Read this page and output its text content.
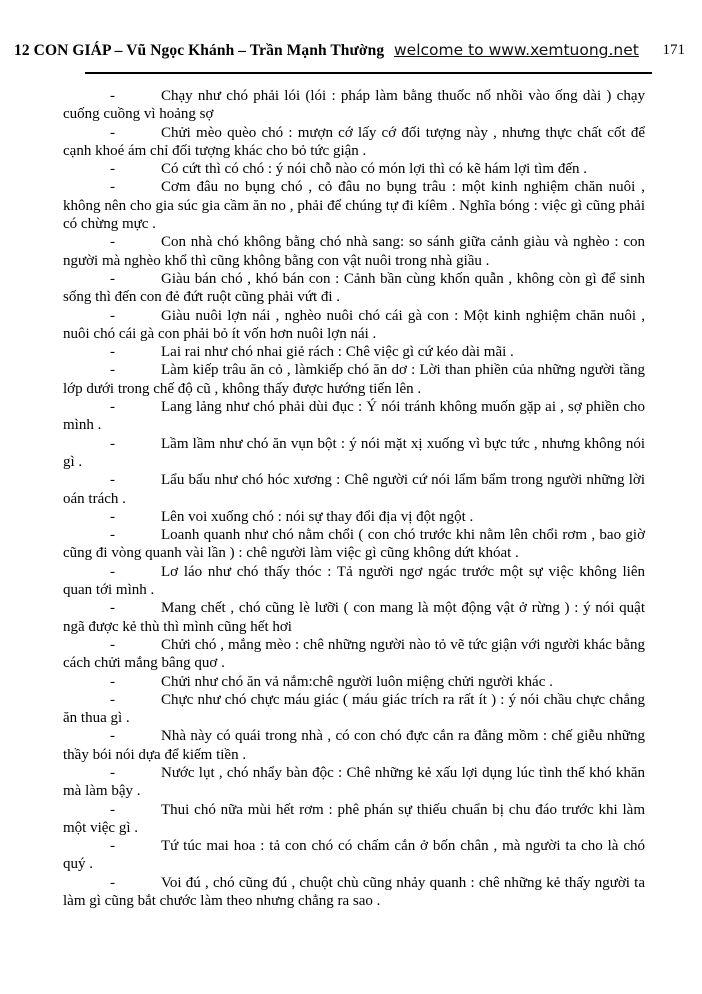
12 CON GIÁP – Vũ Ngọc Khánh – Trần Mạnh Thường welcome to www.xemtuong.net 171

-	Chạy như chó phải lói (lói : pháp làm bằng thuốc nổ nhồi vào ống dài ) chạy cuống cuồng vì hoảng sợ

-	Chửi mèo quèo chó : mượn cớ lấy cớ đối tượng này , nhưng thực chất cốt để cạnh khoé ám chỉ đối tượng khác cho bỏ tức giận .

-	Có cứt thì có chó : ý nói chỗ nào có món lợi thì có kẽ hám lợi tìm đến .

-	Cơm đâu no bụng chó , cỏ đâu no bụng trâu : một kinh nghiệm chăn nuôi , không nên cho gia súc gia cầm ăn no , phải để chúng tự đi kíêm . Nghĩa bóng : việc gì cũng phải có chừng mực .

-	Con nhà chó không bằng chó nhà sang: so sánh giữa cảnh giàu và nghèo : con người mà nghèo khổ thì cũng không bằng con vật nuôi trong nhà giầu .

-	Giàu bán chó , khó bán con : Cảnh bần cùng khốn quẫn , không còn gì để sinh sống thì đến con đẻ đứt ruột cũng phải vứt đi .

-	Giàu nuôi lợn nái , nghèo nuôi chó cái gà con : Một kinh nghiệm chăn nuôi , nuôi chó cái gà con phải bỏ ít vốn hơn nuôi lợn nái .

-	Lai rai như chó nhai giẻ rách : Chê việc gì cứ kéo dài mãi .

-	Làm kiếp trâu ăn cỏ , làmkiếp chó ăn dơ : Lời than phiền của những người tầng lớp dưới trong chế độ cũ , không thấy được hướng tiến lên .

-	Lang lảng như chó phải dùi đục : Ý nói tránh không muốn gặp ai , sợ phiền cho mình .

-	Lầm lầm như chó ăn vụn bột : ý nói mặt xị xuống vì bực tức , nhưng không nói gì .

-	Lẩu bẩu như chó hóc xương : Chê người cứ nói lẩm bẩm trong người những lời oán trách .

-	Lên voi xuống chó : nói sự thay đổi địa vị đột ngột .

-	Loanh quanh như chó nằm chổi ( con chó trước khi nằm lên chổi rơm , bao giờ cũng đi vòng quanh vài lần ) : chê người làm việc gì cũng không dứt khóat .

-	Lơ láo như chó thấy thóc : Tả người ngơ ngác trước một sự việc không liên quan tới mình .

-	Mang chết , chó cũng lè lưỡi ( con mang là một động vật ở rừng ) : ý nói quật ngã được kẻ thù thì mình cũng hết hơi

-	Chửi chó , mắng mèo : chê những người nào tỏ vẽ tức giận với người khác bằng cách chửi mắng bâng quơ .

-	Chửi như chó ăn vả nắm:chê người luôn miệng chửi người khác .

-	Chực như chó chực máu giác ( máu giác trích ra rất ít ) : ý nói chầu chực chẳng ăn thua gì .

-	Nhà này có quái trong nhà , có con chó đực cắn ra đằng mồm : chế giễu những thầy bói nói dựa để kiếm tiền .

-	Nước lụt , chó nhẩy bàn độc : Chê những kẻ xấu lợi dụng lúc tình thế khó khăn mà làm bậy .

-	Thui chó nữa mùi hết rơm : phê phán sự thiếu chuẩn bị chu đáo trước khi làm một việc gì .

-	Tứ túc mai hoa : tả con chó có chấm cắn ở bốn chân , mà người ta cho là chó quý .

-	Voi đú , chó cũng đú , chuột chù cũng nhảy quanh : chê những kẻ thấy người ta làm gì cũng bắt chước làm theo nhưng chẳng ra sao .
